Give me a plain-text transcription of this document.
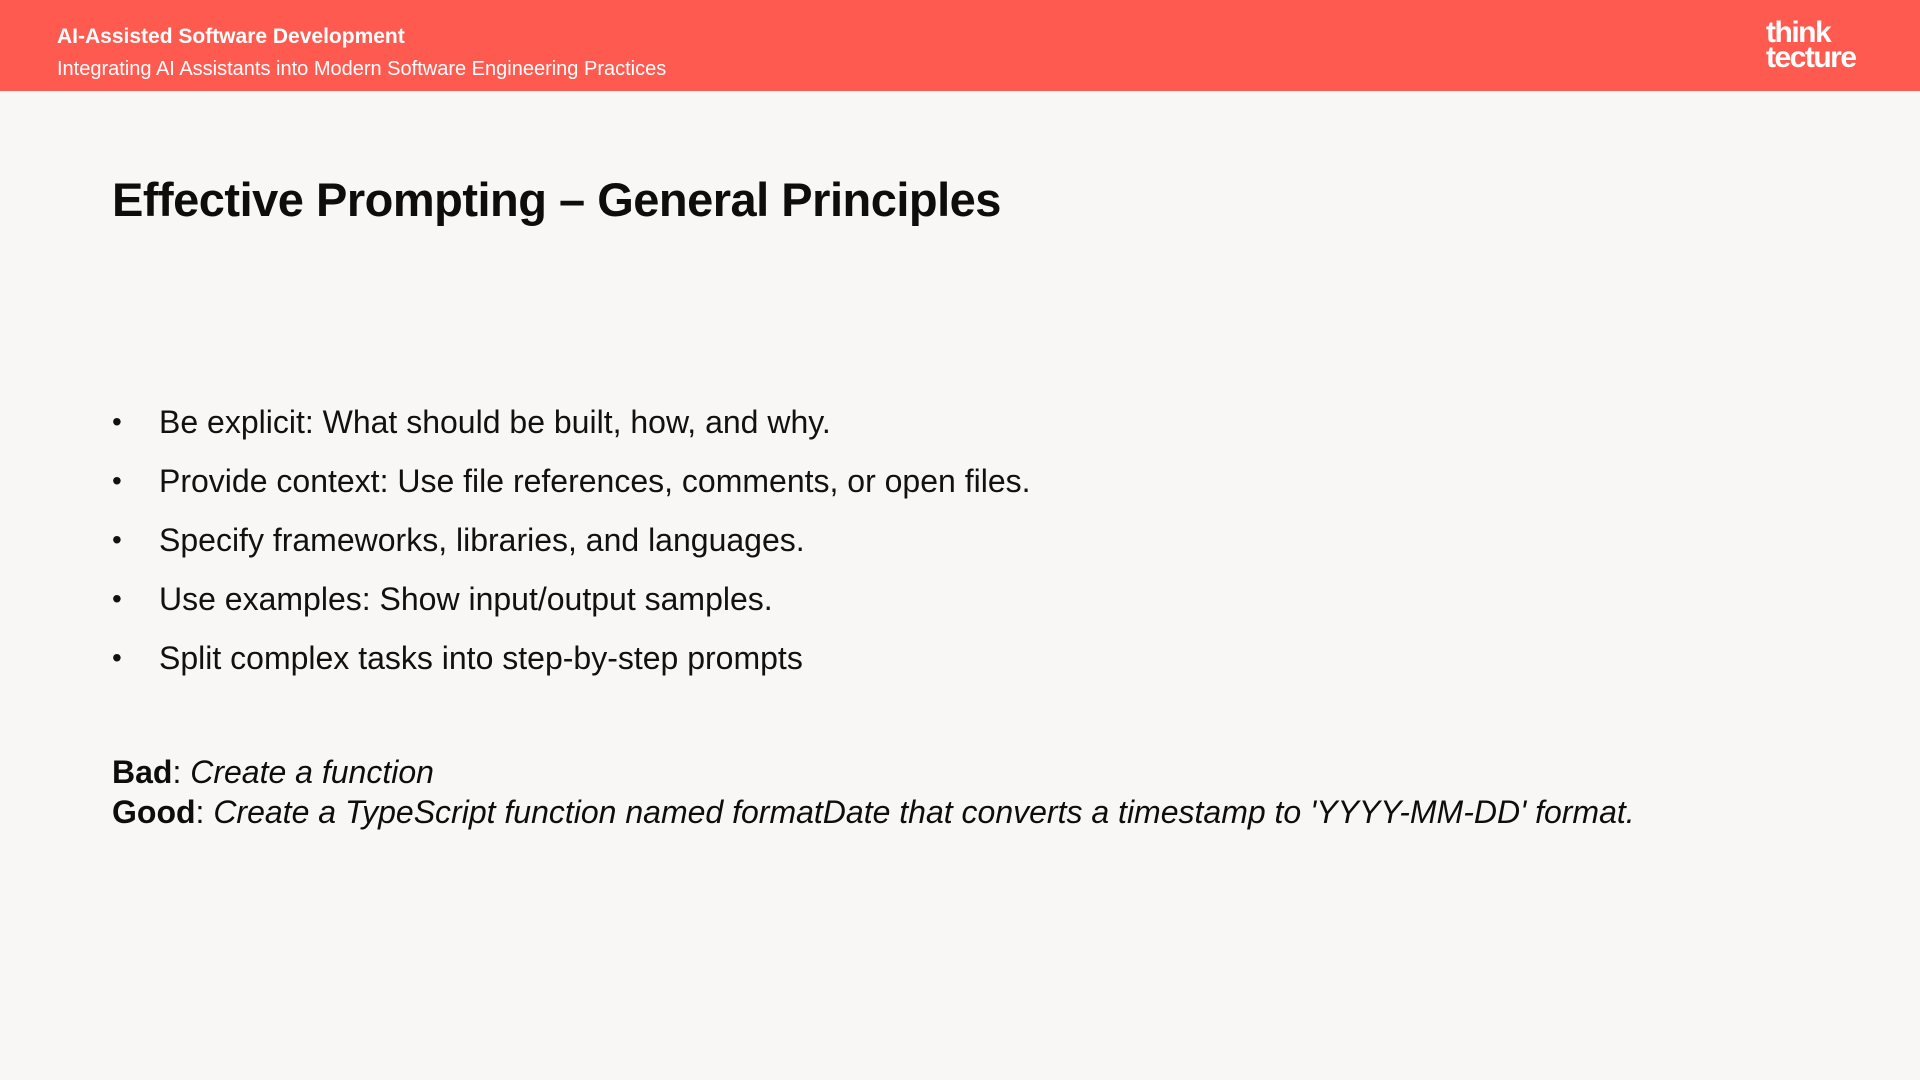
AI-Assisted Software Development
Integrating AI Assistants into Modern Software Engineering Practices
think
tecture
Effective Prompting – General Principles
•	Be explicit: What should be built, how, and why.
•	Provide context: Use file references, comments, or open files.
•	Specify frameworks, libraries, and languages.
•	Use examples: Show input/output samples.
•	Split complex tasks into step-by-step prompts
Bad: Create a function
Good: Create a TypeScript function named formatDate that converts a timestamp to 'YYYY-MM-DD' format.
